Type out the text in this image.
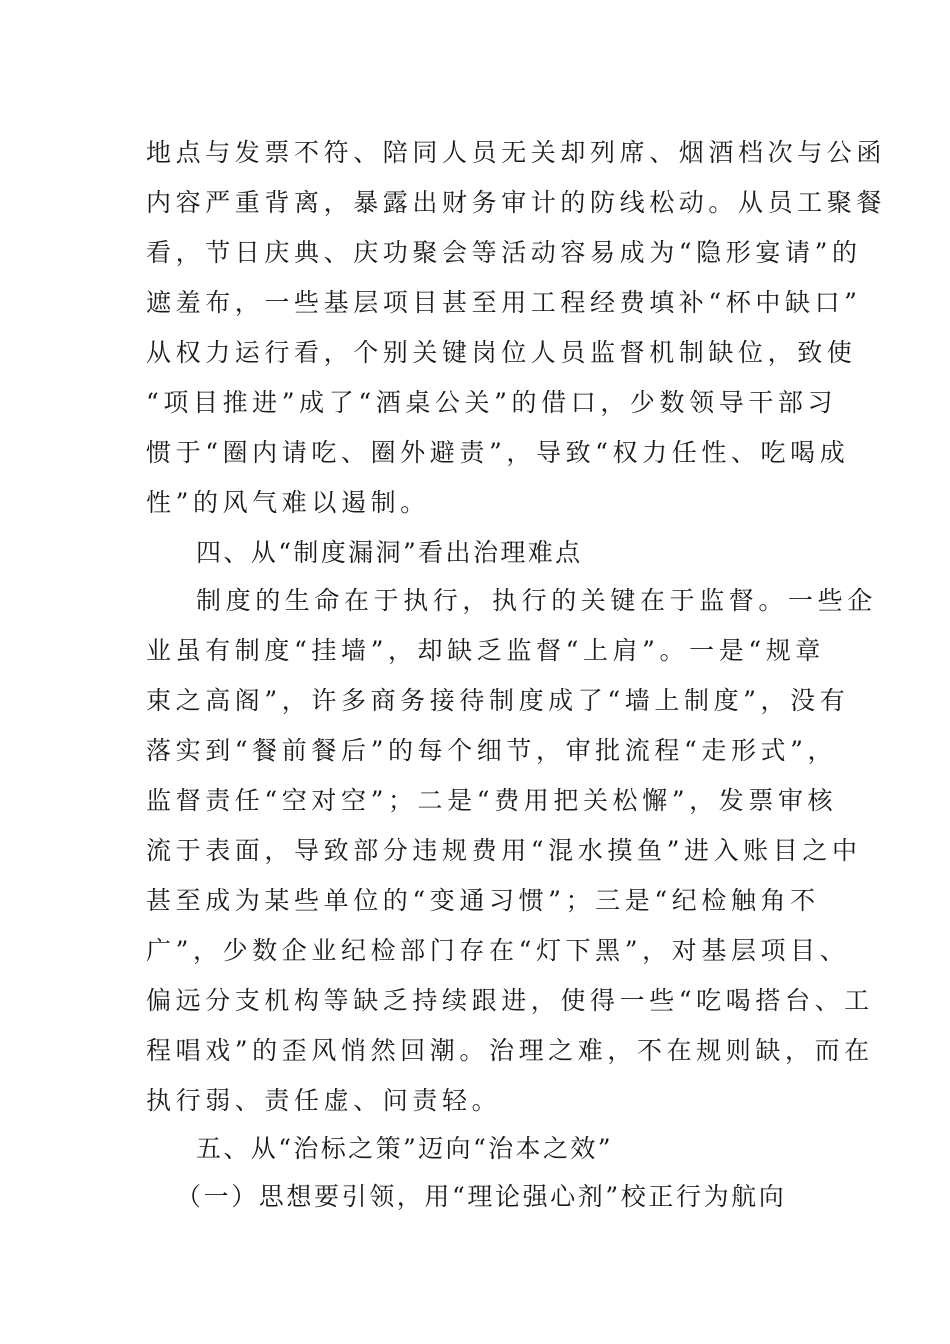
地点与发票不符、陪同人员无关却列席、烟酒档次与公函
内容严重背离，暴露出财务审计的防线松动。从员工聚餐
看，节日庆典、庆功聚会等活动容易成为“隐形宴请”的
遮羞布，一些基层项目甚至用工程经费填补“杯中缺口”
从权力运行看，个别关键岗位人员监督机制缺位，致使
“项目推进”成了“酒桌公关”的借口，少数领导干部习
惯于“圈内请吃、圈外避责”，导致“权力任性、吃喝成
性”的风气难以遏制。
四、从“制度漏洞”看出治理难点
制度的生命在于执行，执行的关键在于监督。一些企
业虽有制度“挂墙”，却缺乏监督“上肩”。一是“规章
束之高阁”，许多商务接待制度成了“墙上制度”，没有
落实到“餐前餐后”的每个细节，审批流程“走形式”，
监督责任“空对空”；二是“费用把关松懈”，发票审核
流于表面，导致部分违规费用“混水摸鱼”进入账目之中
甚至成为某些单位的“变通习惯”；三是“纪检触角不
广”，少数企业纪检部门存在“灯下黑”，对基层项目、
偏远分支机构等缺乏持续跟进，使得一些“吃喝搭台、工
程唱戏”的歪风悄然回潮。治理之难，不在规则缺，而在
执行弱、责任虚、问责轻。
五、从“治标之策”迈向“治本之效”
（一）思想要引领，用“理论强心剂”校正行为航向
